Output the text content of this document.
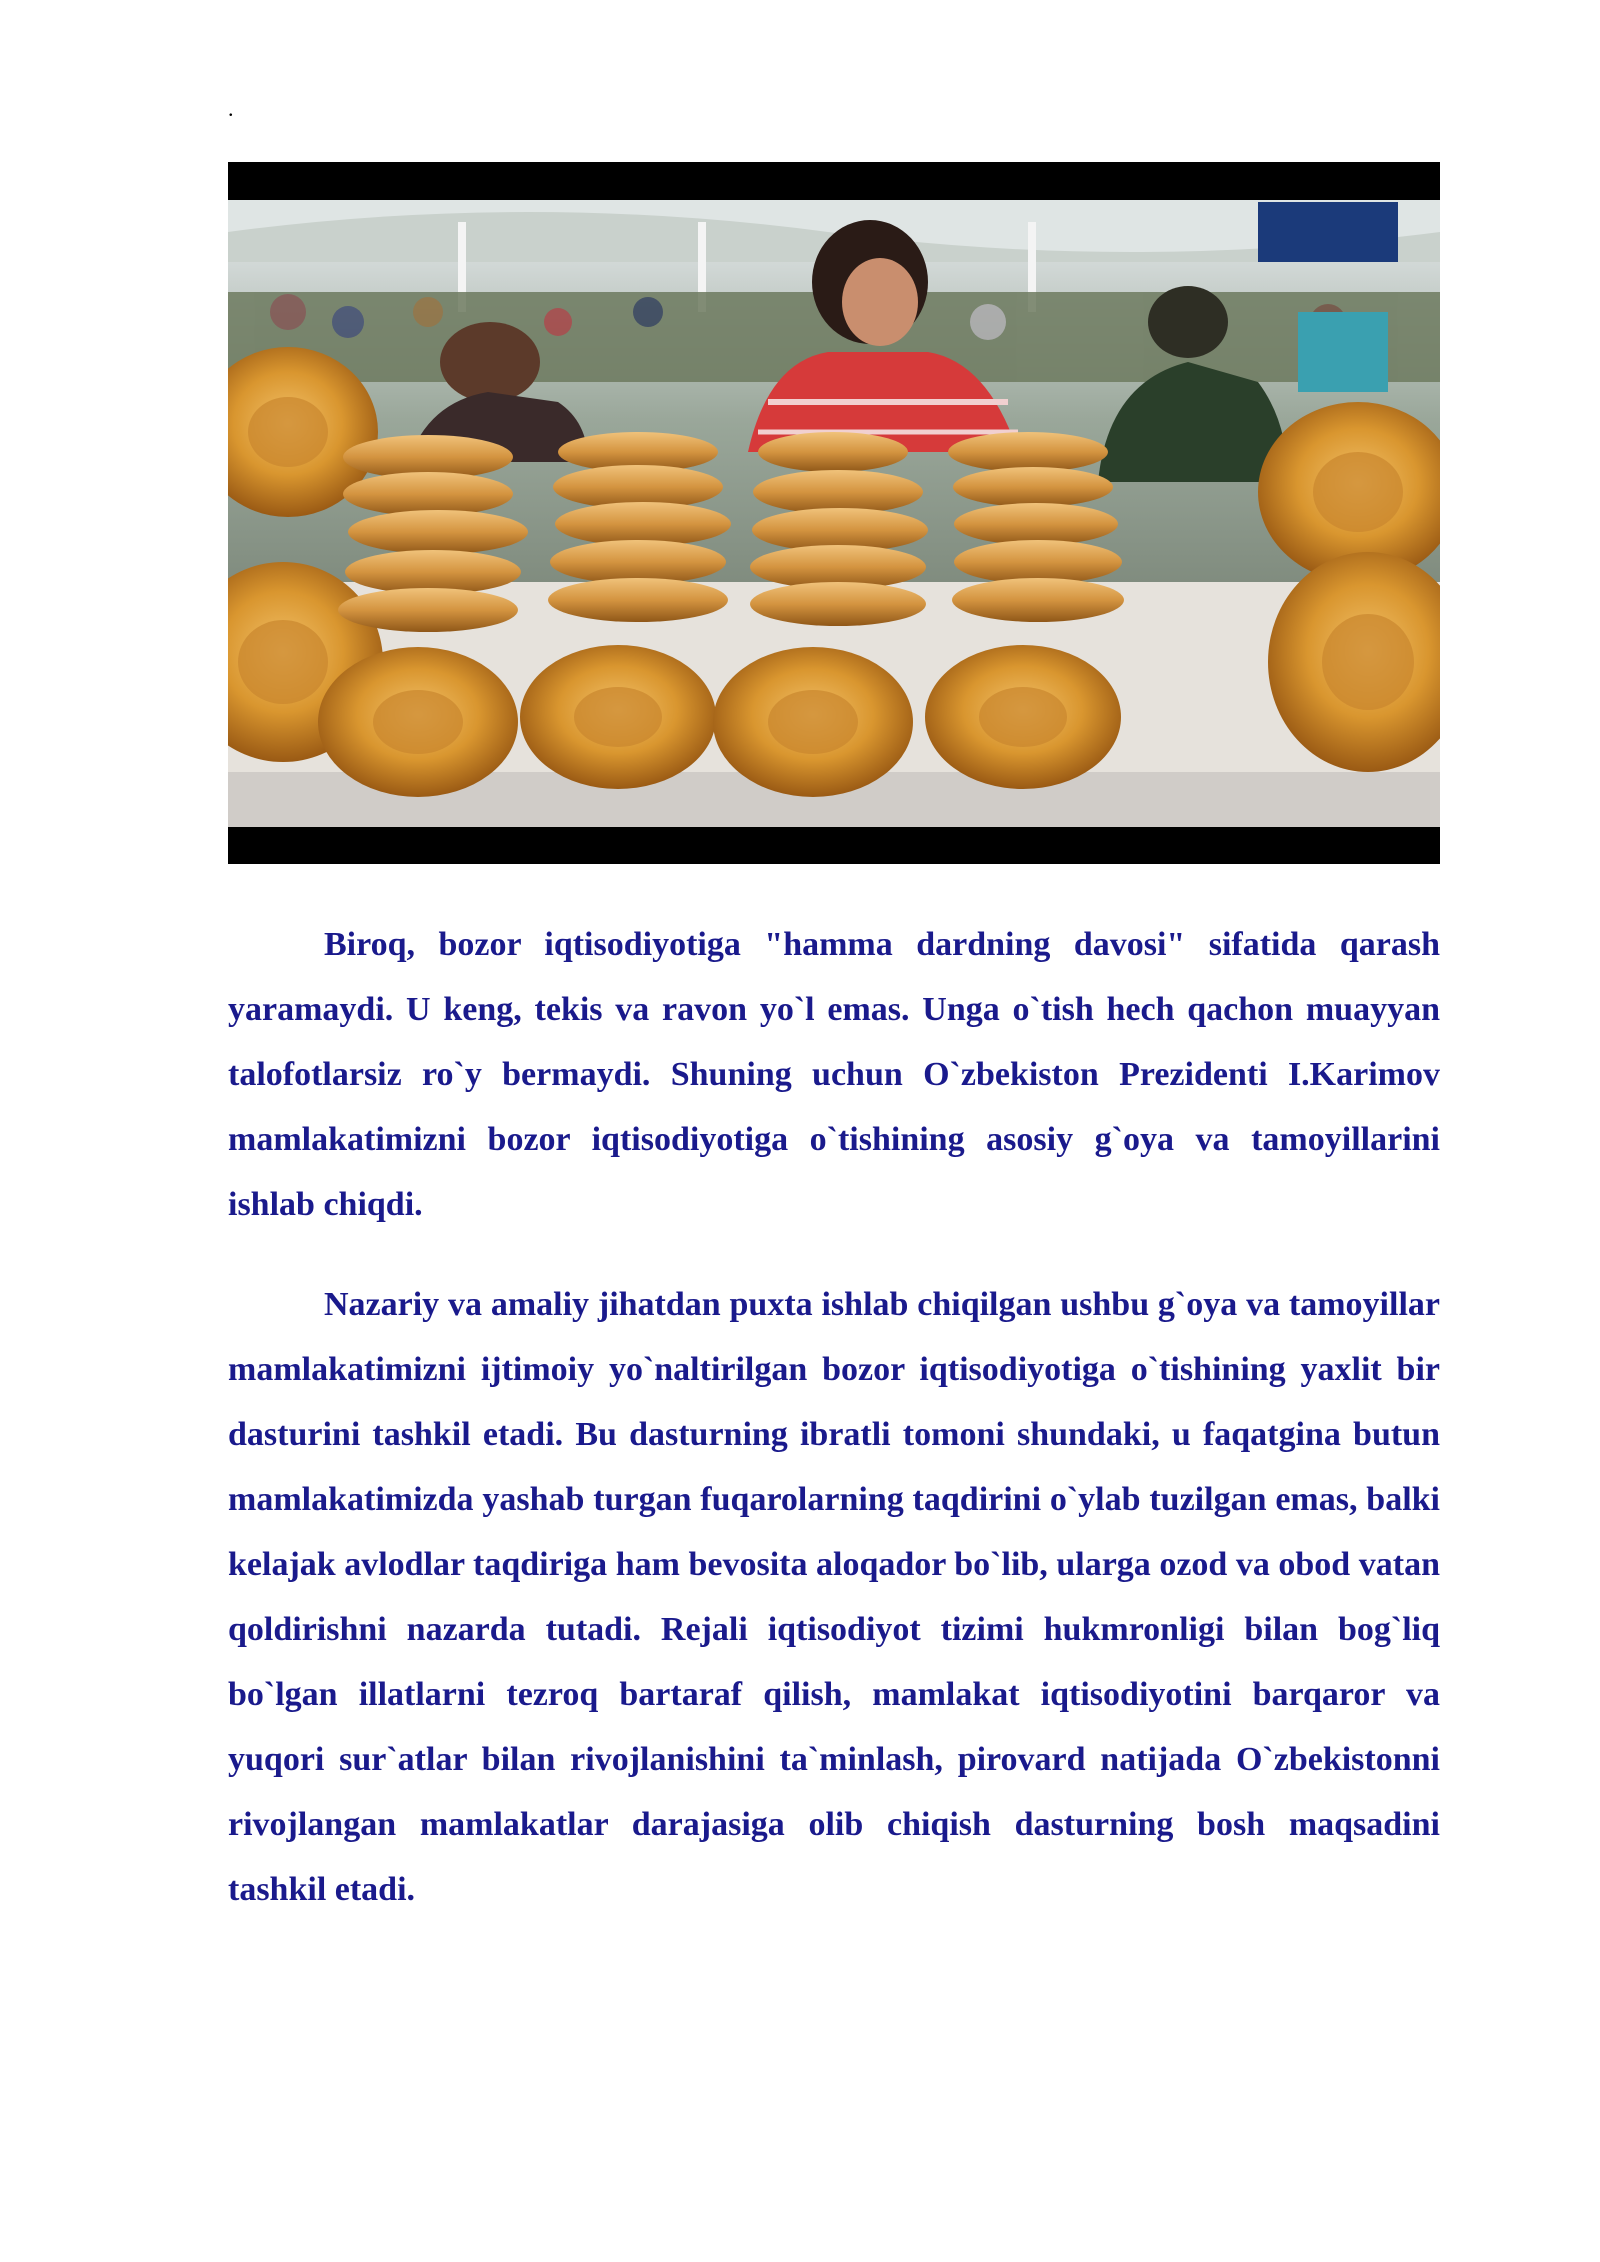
.

Biroq, bozor iqtisodiyotiga "hamma dardning davosi" sifatida qarash yaramaydi. U keng, tekis va ravon yo`l emas. Unga o`tish hech qachon muayyan talofotlarsiz ro`y bermaydi. Shuning uchun O`zbekiston Prezidenti I.Karimov mamlakatimizni bozor iqtisodiyotiga o`tishining asosiy g`oya va tamoyillarini ishlab chiqdi.

Nazariy va amaliy jihatdan puxta ishlab chiqilgan ushbu g`oya va tamoyillar mamlakatimizni ijtimoiy yo`naltirilgan bozor iqtisodiyotiga o`tishining yaxlit bir dasturini tashkil etadi. Bu dasturning ibratli tomoni shundaki, u faqatgina butun mamlakatimizda yashab turgan fuqarolarning taqdirini o`ylab tuzilgan emas, balki kelajak avlodlar taqdiriga ham bevosita aloqador bo`lib, ularga ozod va obod vatan qoldirishni nazarda tutadi. Rejali iqtisodiyot tizimi hukmronligi bilan bog`liq bo`lgan illatlarni tezroq bartaraf qilish, mamlakat iqtisodiyotini barqaror va yuqori sur`atlar bilan rivojlanishini ta`minlash, pirovard natijada O`zbekistonni rivojlangan mamlakatlar darajasiga olib chiqish dasturning bosh maqsadini tashkil etadi.
